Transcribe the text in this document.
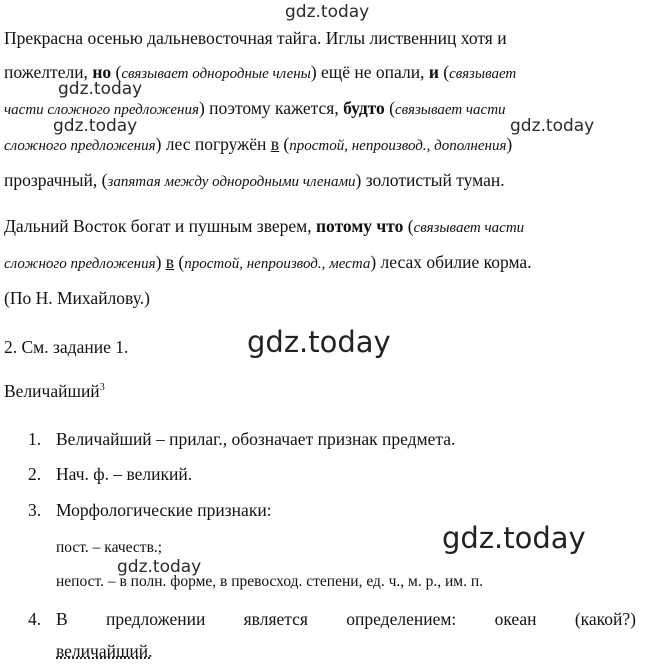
gdz.today
gdz.today
gdz.today	gdz.today
gdz.today
gdz.today
gdz.today
Прекрасна осенью дальневосточная тайга. Иглы лиственниц хотя и
пожелтели, но (связывает однородные члены) ещё не опали, и (связывает
части сложного предложения) поэтому кажется, будто (связывает части
сложного предложения) лес погружён в (простой, непроизвод., дополнения)
прозрачный, (запятая между однородными членами) золотистый туман.
Дальний Восток богат и пушным зверем, потому что (связывает части
сложного предложения) в (простой, непроизвод., места) лесах обилие корма.
(По Н. Михайлову.)
2. См. задание 1.
Величайший$^3$
1. Величайший – прилаг., обозначает признак предмета.
2. Нач. ф. – великий.
3. Морфологические признаки:
пост. – качеств.;
непост. – в полн. форме, в превосход. степени, ед. ч., м. р., им. п.
4. В предложении является определением: океан (какой?)
величайший.
